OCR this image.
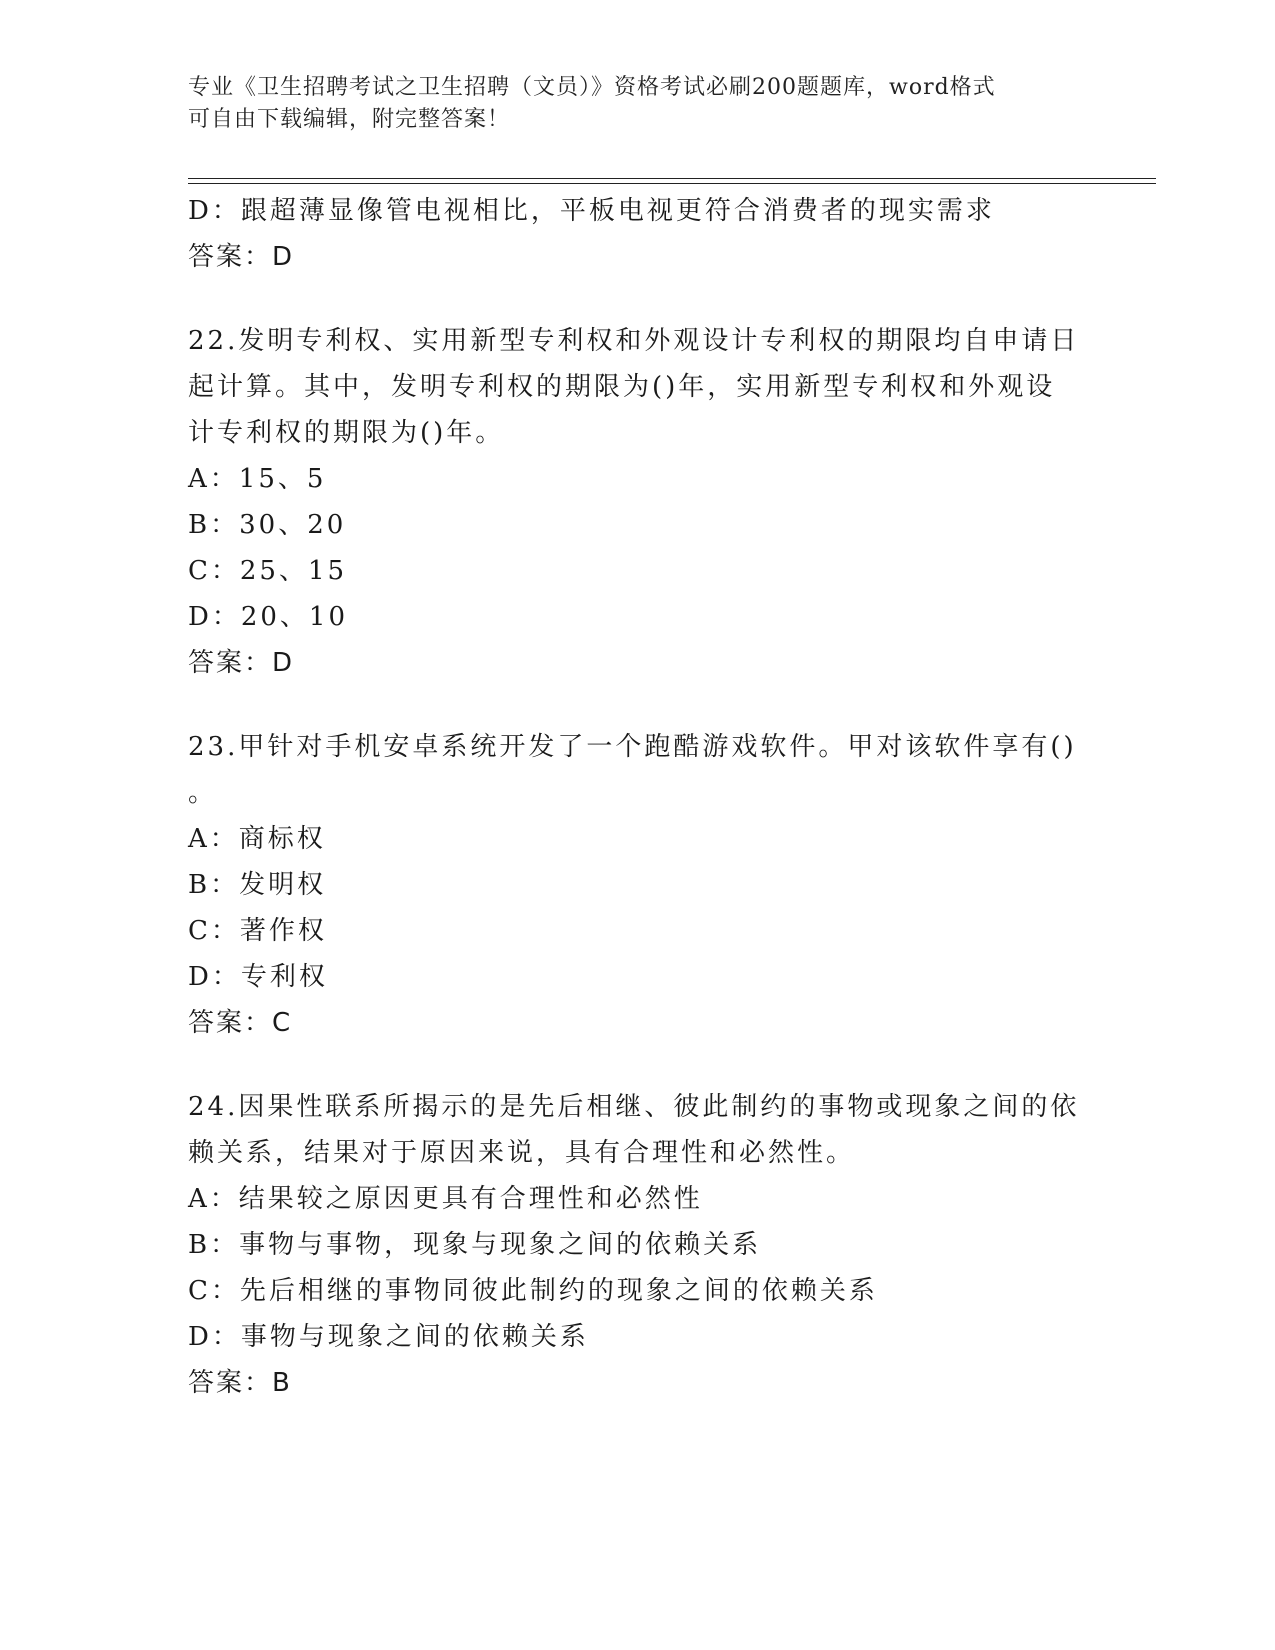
专业《卫生招聘考试之卫生招聘（文员）》资格考试必刷200题题库，word格式
可自由下载编辑，附完整答案！
D：跟超薄显像管电视相比，平板电视更符合消费者的现实需求
答案：D
22.发明专利权、实用新型专利权和外观设计专利权的期限均自申请日
起计算。其中，发明专利权的期限为()年，实用新型专利权和外观设
计专利权的期限为()年。
A：15、5
B：30、20
C：25、15
D：20、10
答案：D
23.甲针对手机安卓系统开发了一个跑酷游戏软件。甲对该软件享有()
。
A：商标权
B：发明权
C：著作权
D：专利权
答案：C
24.因果性联系所揭示的是先后相继、彼此制约的事物或现象之间的依
赖关系，结果对于原因来说，具有合理性和必然性。
A：结果较之原因更具有合理性和必然性
B：事物与事物，现象与现象之间的依赖关系
C：先后相继的事物同彼此制约的现象之间的依赖关系
D：事物与现象之间的依赖关系
答案：B
